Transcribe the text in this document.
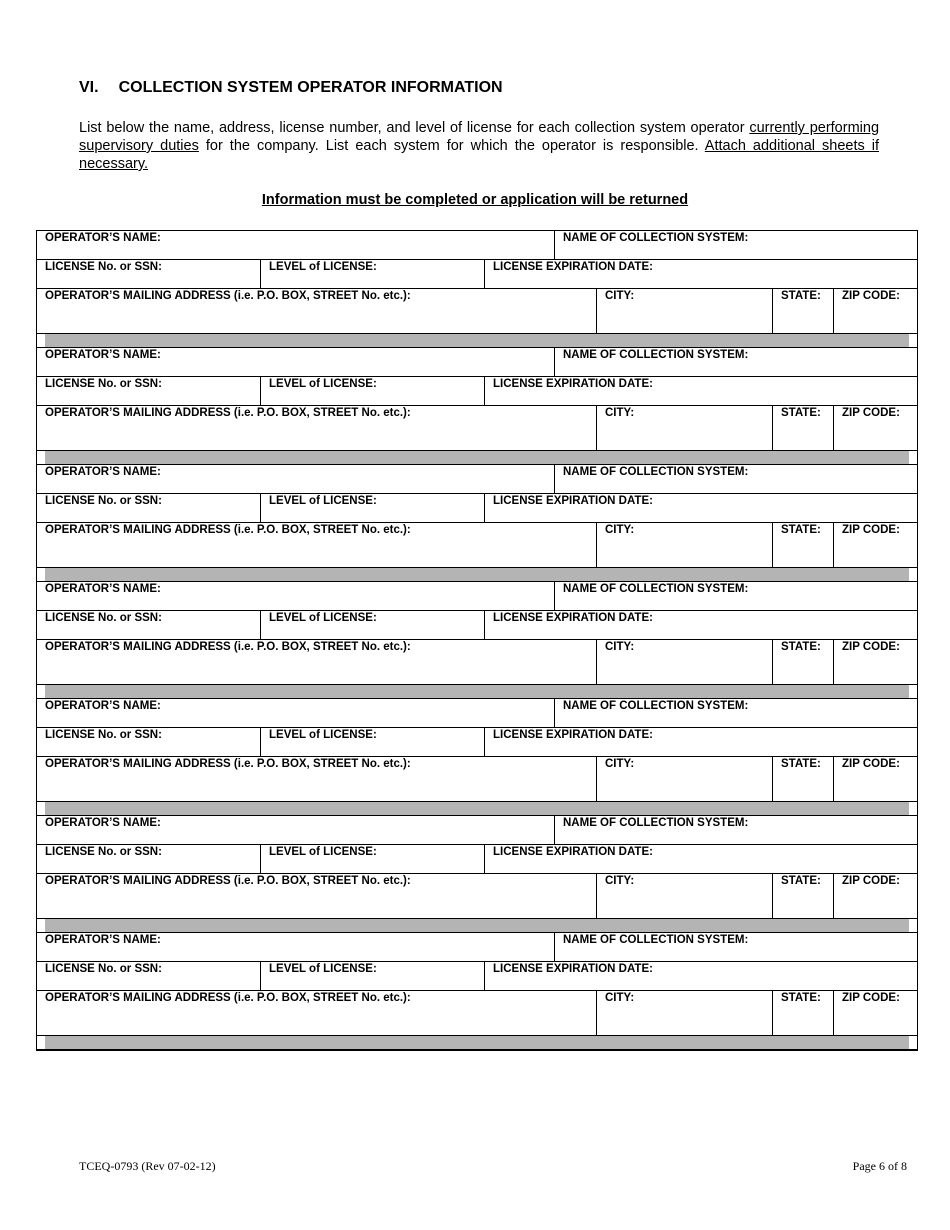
VI. COLLECTION SYSTEM OPERATOR INFORMATION
List below the name, address, license number, and level of license for each collection system operator currently performing supervisory duties for the company. List each system for which the operator is responsible. Attach additional sheets if necessary.
Information must be completed or application will be returned
OPERATOR’S NAME:	NAME OF COLLECTION SYSTEM:
LICENSE No. or SSN:	LEVEL of LICENSE:	LICENSE EXPIRATION DATE:
OPERATOR’S MAILING ADDRESS (i.e. P.O. BOX, STREET No. etc.):	CITY:	STATE:	ZIP CODE:
OPERATOR’S NAME:	NAME OF COLLECTION SYSTEM:
LICENSE No. or SSN:	LEVEL of LICENSE:	LICENSE EXPIRATION DATE:
OPERATOR’S MAILING ADDRESS (i.e. P.O. BOX, STREET No. etc.):	CITY:	STATE:	ZIP CODE:
OPERATOR’S NAME:	NAME OF COLLECTION SYSTEM:
LICENSE No. or SSN:	LEVEL of LICENSE:	LICENSE EXPIRATION DATE:
OPERATOR’S MAILING ADDRESS (i.e. P.O. BOX, STREET No. etc.):	CITY:	STATE:	ZIP CODE:
OPERATOR’S NAME:	NAME OF COLLECTION SYSTEM:
LICENSE No. or SSN:	LEVEL of LICENSE:	LICENSE EXPIRATION DATE:
OPERATOR’S MAILING ADDRESS (i.e. P.O. BOX, STREET No. etc.):	CITY:	STATE:	ZIP CODE:
OPERATOR’S NAME:	NAME OF COLLECTION SYSTEM:
LICENSE No. or SSN:	LEVEL of LICENSE:	LICENSE EXPIRATION DATE:
OPERATOR’S MAILING ADDRESS (i.e. P.O. BOX, STREET No. etc.):	CITY:	STATE:	ZIP CODE:
OPERATOR’S NAME:	NAME OF COLLECTION SYSTEM:
LICENSE No. or SSN:	LEVEL of LICENSE:	LICENSE EXPIRATION DATE:
OPERATOR’S MAILING ADDRESS (i.e. P.O. BOX, STREET No. etc.):	CITY:	STATE:	ZIP CODE:
OPERATOR’S NAME:	NAME OF COLLECTION SYSTEM:
LICENSE No. or SSN:	LEVEL of LICENSE:	LICENSE EXPIRATION DATE:
OPERATOR’S MAILING ADDRESS (i.e. P.O. BOX, STREET No. etc.):	CITY:	STATE:	ZIP CODE:
TCEQ-0793 (Rev 07-02-12)	Page 6 of 8
